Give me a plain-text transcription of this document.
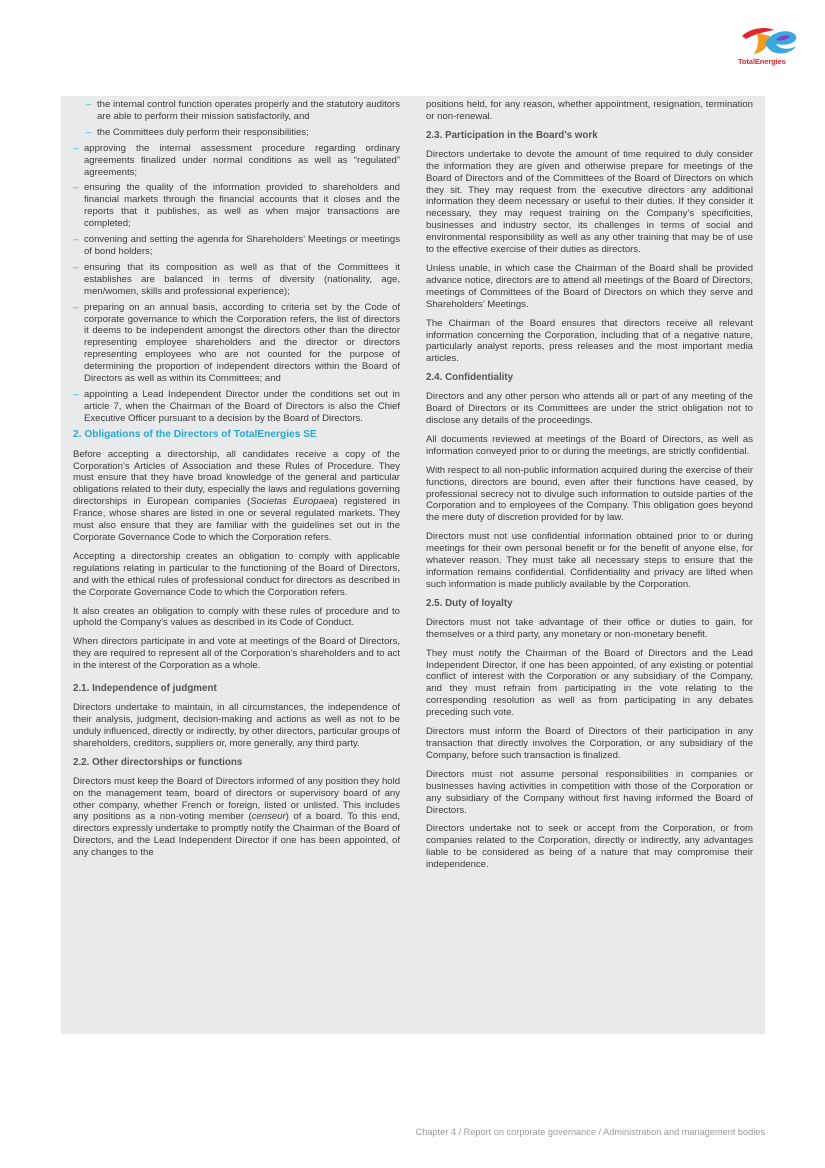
TotalEnergies
– the internal control function operates properly and the statutory auditors are able to perform their mission satisfactorily, and
– the Committees duly perform their responsibilities;
– approving the internal assessment procedure regarding ordinary agreements finalized under normal conditions as well as “regulated” agreements;
– ensuring the quality of the information provided to shareholders and financial markets through the financial accounts that it closes and the reports that it publishes, as well as when major transactions are completed;
– convening and setting the agenda for Shareholders’ Meetings or meetings of bond holders;
– ensuring that its composition as well as that of the Committees it establishes are balanced in terms of diversity (nationality, age, men/women, skills and professional experience);
– preparing on an annual basis, according to criteria set by the Code of corporate governance to which the Corporation refers, the list of directors it deems to be independent amongst the directors other than the director representing employee shareholders and the director or directors representing employees who are not counted for the purpose of determining the proportion of independent directors within the Board of Directors as well as within its Committees; and
– appointing a Lead Independent Director under the conditions set out in article 7, when the Chairman of the Board of Directors is also the Chief Executive Officer pursuant to a decision by the Board of Directors.
2. Obligations of the Directors of TotalEnergies SE

Before accepting a directorship, all candidates receive a copy of the Corporation’s Articles of Association and these Rules of Procedure. They must ensure that they have broad knowledge of the general and particular obligations related to their duty, especially the laws and regulations governing directorships in European companies (Societas Europaea) registered in France, whose shares are listed in one or several regulated markets. They must also ensure that they are familiar with the guidelines set out in the Corporate Governance Code to which the Corporation refers.

Accepting a directorship creates an obligation to comply with applicable regulations relating in particular to the functioning of the Board of Directors, and with the ethical rules of professional conduct for directors as described in the Corporate Governance Code to which the Corporation refers.

It also creates an obligation to comply with these rules of procedure and to uphold the Company’s values as described in its Code of Conduct.

When directors participate in and vote at meetings of the Board of Directors, they are required to represent all of the Corporation’s shareholders and to act in the interest of the Corporation as a whole.

2.1. Independence of judgment

Directors undertake to maintain, in all circumstances, the independence of their analysis, judgment, decision-making and actions as well as not to be unduly influenced, directly or indirectly, by other directors, particular groups of shareholders, creditors, suppliers or, more generally, any third party.

2.2. Other directorships or functions

Directors must keep the Board of Directors informed of any position they hold on the management team, board of directors or supervisory board of any other company, whether French or foreign, listed or unlisted. This includes any positions as a non-voting member (censeur) of a board. To this end, directors expressly undertake to promptly notify the Chairman of the Board of Directors, and the Lead Independent Director if one has been appointed, of any changes to the

positions held, for any reason, whether appointment, resignation, termination or non-renewal.

2.3. Participation in the Board’s work

Directors undertake to devote the amount of time required to duly consider the information they are given and otherwise prepare for meetings of the Board of Directors and of the Committees of the Board of Directors on which they sit. They may request from the executive directors any additional information they deem necessary or useful to their duties. If they consider it necessary, they may request training on the Company’s specificities, businesses and industry sector, its challenges in terms of social and environmental responsibility as well as any other training that may be of use to the effective exercise of their duties as directors.

Unless unable, in which case the Chairman of the Board shall be provided advance notice, directors are to attend all meetings of the Board of Directors, meetings of Committees of the Board of Directors on which they serve and Shareholders’ Meetings.

The Chairman of the Board ensures that directors receive all relevant information concerning the Corporation, including that of a negative nature, particularly analyst reports, press releases and the most important media articles.

2.4. Confidentiality

Directors and any other person who attends all or part of any meeting of the Board of Directors or its Committees are under the strict obligation not to disclose any details of the proceedings.

All documents reviewed at meetings of the Board of Directors, as well as information conveyed prior to or during the meetings, are strictly confidential.

With respect to all non-public information acquired during the exercise of their functions, directors are bound, even after their functions have ceased, by professional secrecy not to divulge such information to outside parties of the Corporation and to employees of the Company. This obligation goes beyond the mere duty of discretion provided for by law.

Directors must not use confidential information obtained prior to or during meetings for their own personal benefit or for the benefit of anyone else, for whatever reason. They must take all necessary steps to ensure that the information remains confidential. Confidentiality and privacy are lifted when such information is made publicly available by the Corporation.

2.5. Duty of loyalty

Directors must not take advantage of their office or duties to gain, for themselves or a third party, any monetary or non-monetary benefit.

They must notify the Chairman of the Board of Directors and the Lead Independent Director, if one has been appointed, of any existing or potential conflict of interest with the Corporation or any subsidiary of the Company, and they must refrain from participating in the vote relating to the corresponding resolution as well as from participating in any debates preceding such vote.

Directors must inform the Board of Directors of their participation in any transaction that directly involves the Corporation, or any subsidiary of the Company, before such transaction is finalized.

Directors must not assume personal responsibilities in companies or businesses having activities in competition with those of the Corporation or any subsidiary of the Company without first having informed the Board of Directors.

Directors undertake not to seek or accept from the Corporation, or from companies related to the Corporation, directly or indirectly, any advantages liable to be considered as being of a nature that may compromise their independence.

Chapter 4 / Report on corporate governance / Administration and management bodies
